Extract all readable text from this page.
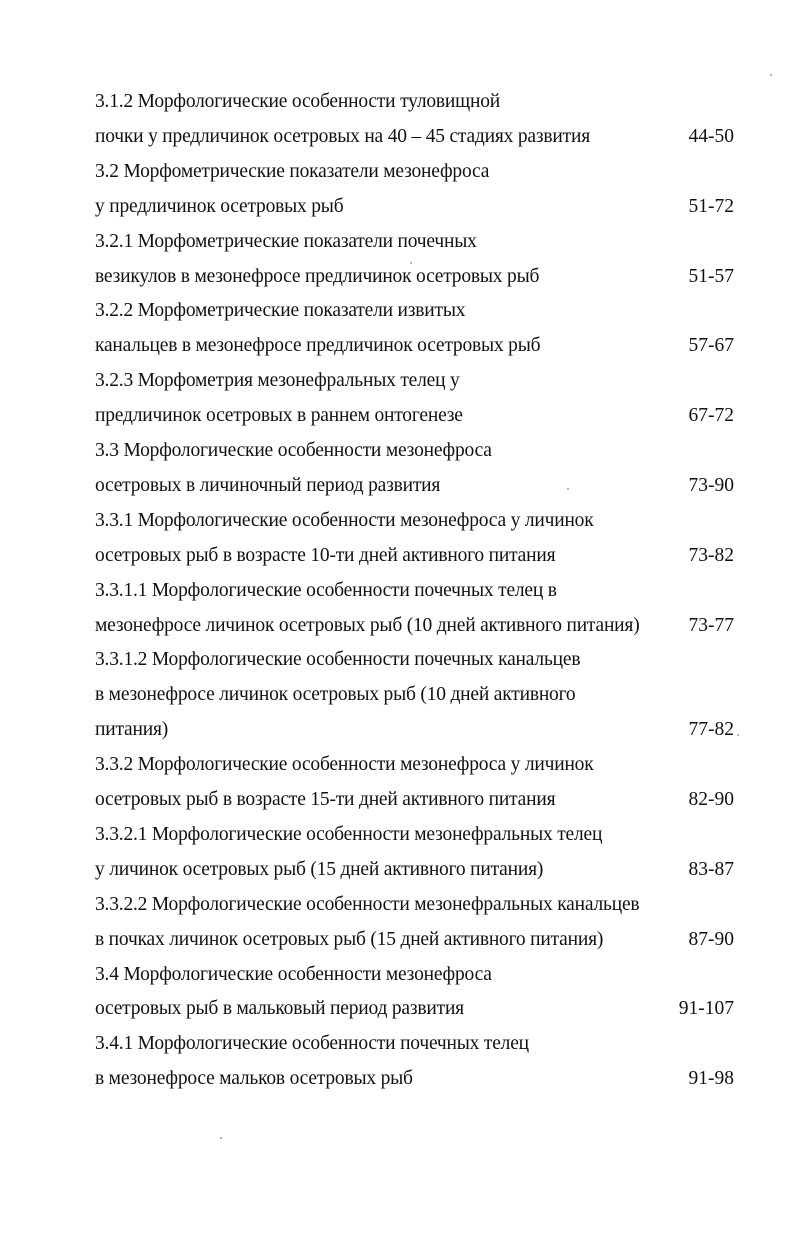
3.1.2 Морфологические особенности туловищной
почки у предличинок осетровых на 40 – 45 стадиях развития	44-50
3.2 Морфометрические показатели мезонефроса
у предличинок осетровых рыб	51-72
3.2.1 Морфометрические показатели почечных
везикулов в мезонефросе предличинок осетровых рыб	51-57
3.2.2 Морфометрические показатели извитых
канальцев в мезонефросе предличинок осетровых рыб	57-67
3.2.3 Морфометрия мезонефральных телец у
предличинок осетровых в раннем онтогенезе	67-72
3.3 Морфологические особенности мезонефроса
осетровых в личиночный период развития	73-90
3.3.1 Морфологические особенности мезонефроса у личинок
осетровых рыб в возрасте 10-ти дней активного питания	73-82
3.3.1.1 Морфологические особенности почечных телец в
мезонефросе личинок осетровых рыб (10 дней активного питания)	73-77
3.3.1.2 Морфологические особенности почечных канальцев
в мезонефросе личинок осетровых рыб (10 дней активного
питания)	77-82
3.3.2 Морфологические особенности мезонефроса у личинок
осетровых рыб в возрасте 15-ти дней активного питания	82-90
3.3.2.1 Морфологические особенности мезонефральных телец
у личинок осетровых рыб (15 дней активного питания)	83-87
3.3.2.2 Морфологические особенности мезонефральных канальцев
в почках личинок осетровых рыб (15 дней активного питания)	87-90
3.4 Морфологические особенности мезонефроса
осетровых рыб в мальковый период развития	91-107
3.4.1 Морфологические особенности почечных телец
в мезонефросе мальков осетровых рыб	91-98
